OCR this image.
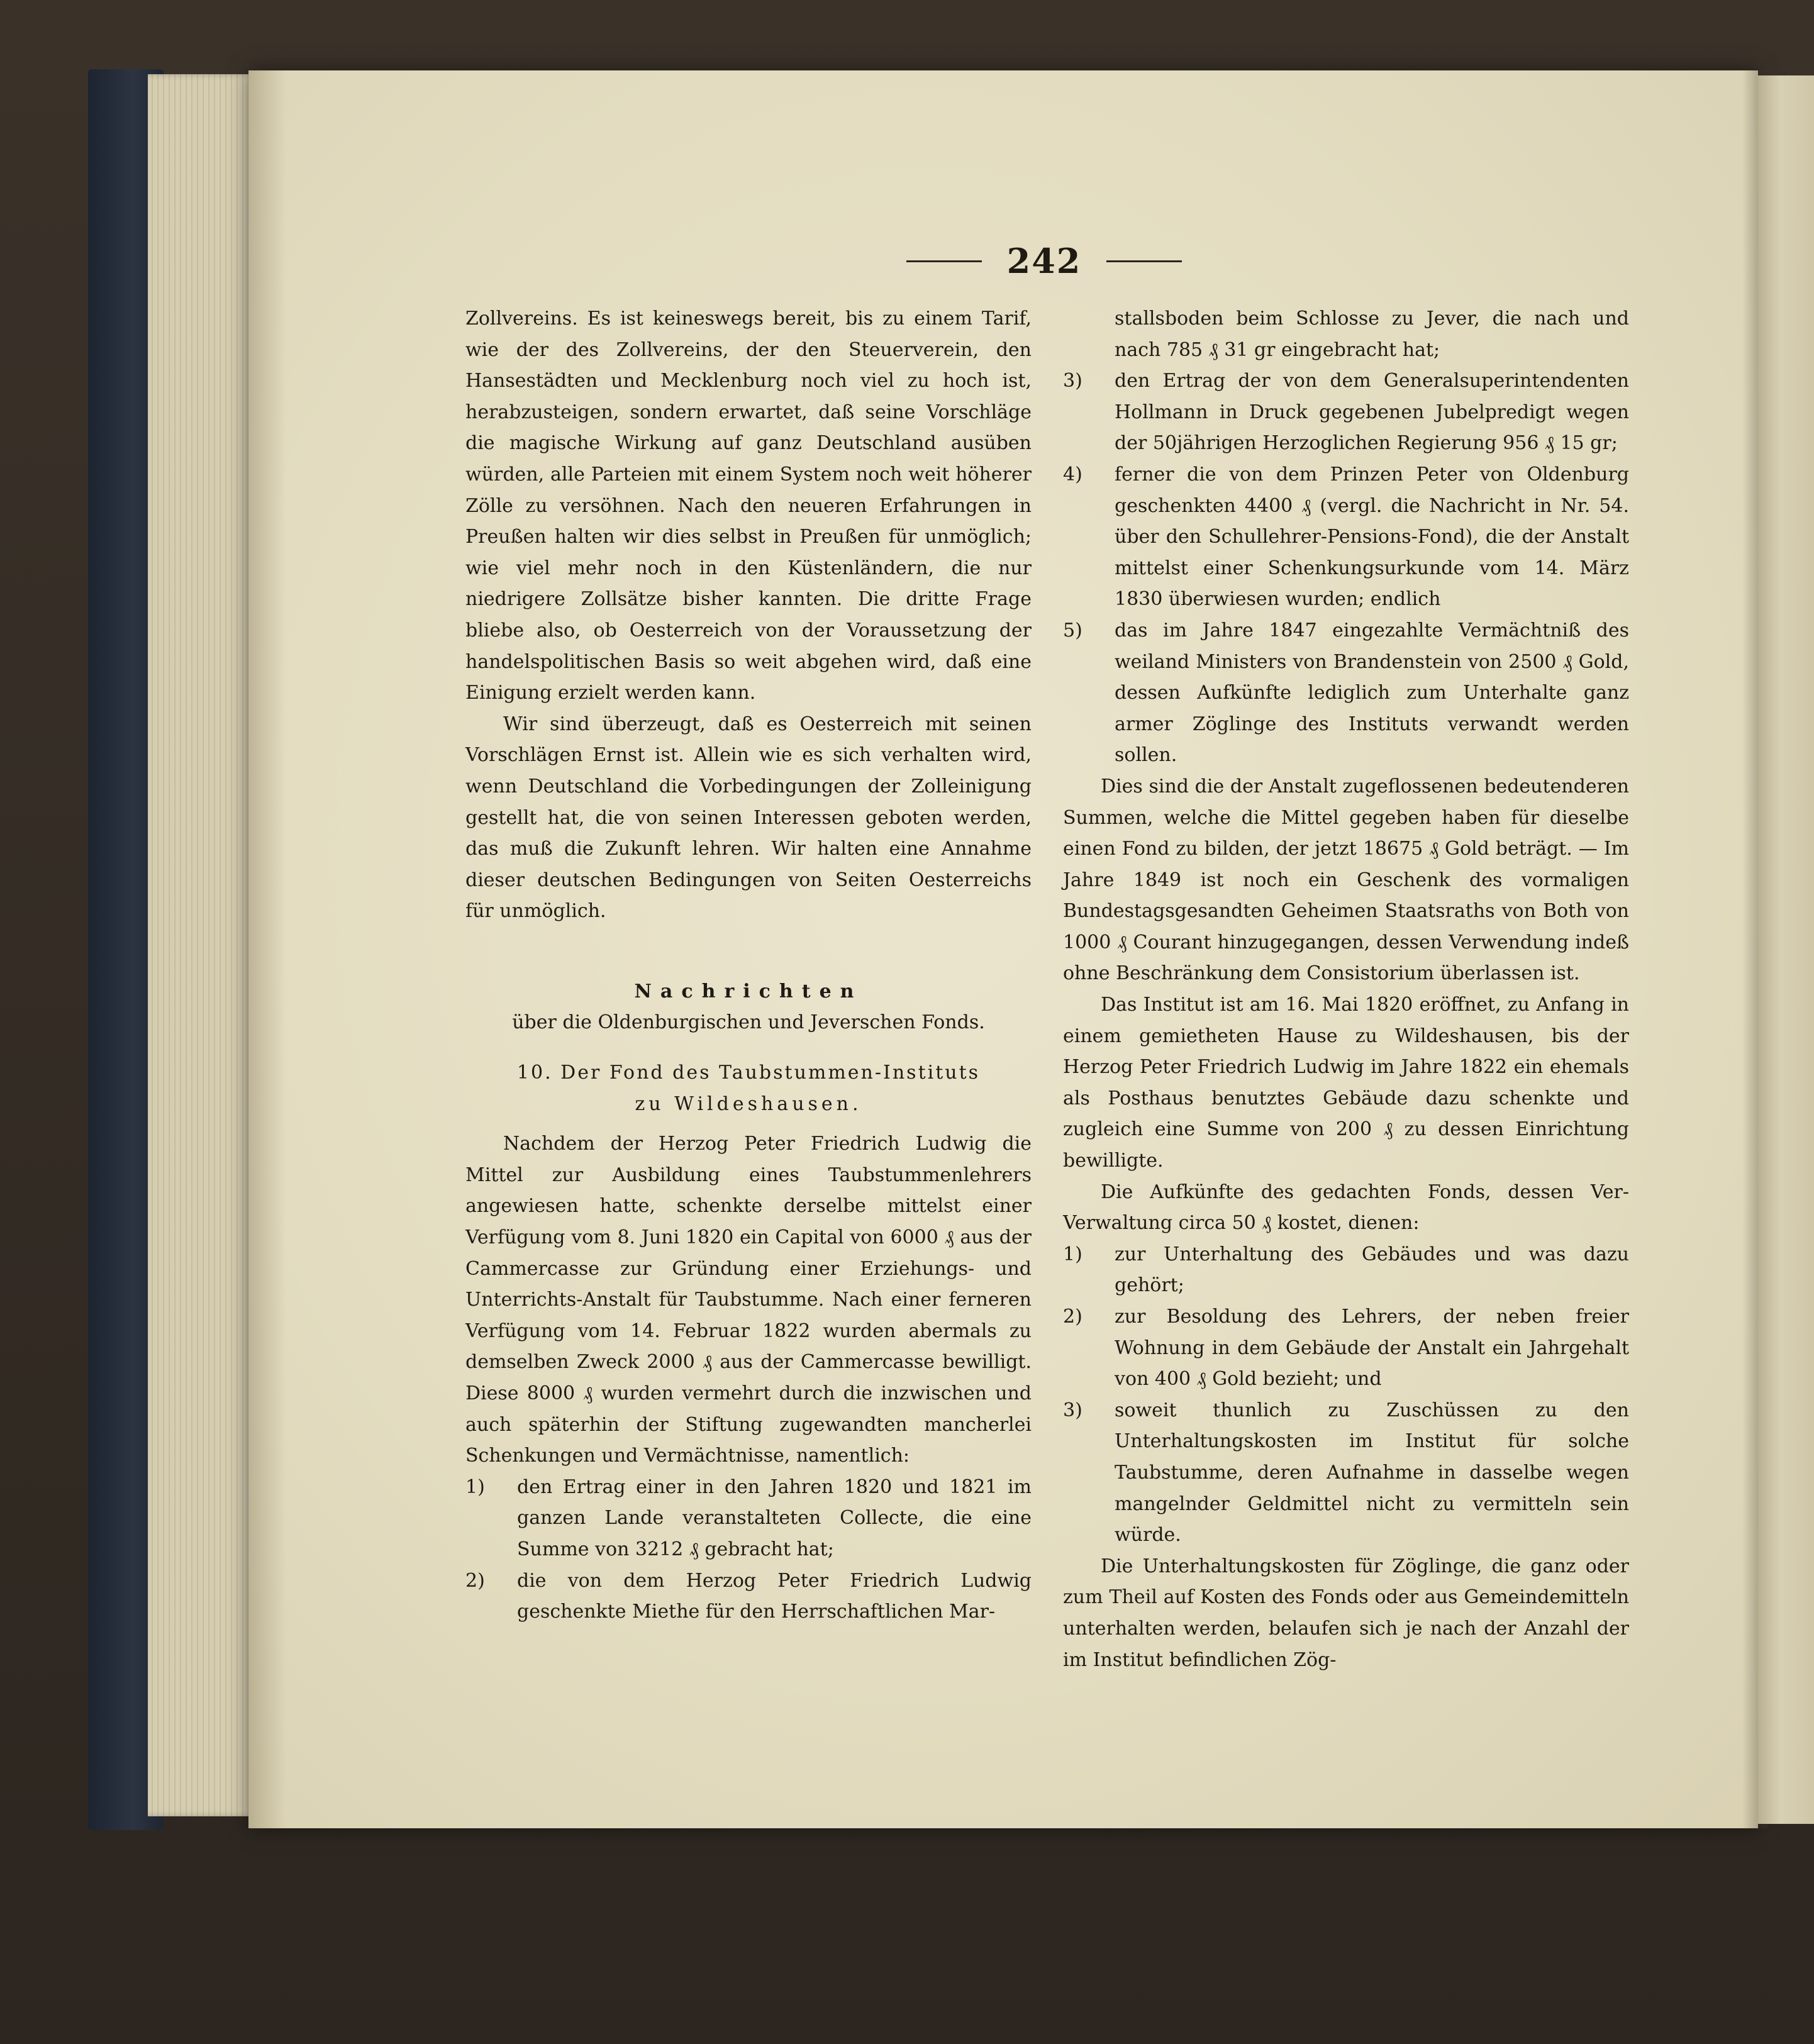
242

Zollvereins. Es ist keineswegs bereit, bis zu einem Tarif, wie der des Zollvereins, der den Steuerverein, den Hansestädten und Mecklenburg noch viel zu hoch ist, herabzusteigen, sondern erwartet, daß seine Vorschläge die magische Wirkung auf ganz Deutschland ausüben würden, alle Parteien mit einem System noch weit höherer Zölle zu versöhnen. Nach den neueren Erfahrungen in Preußen halten wir dies selbst in Preußen für unmöglich; wie viel mehr noch in den Küstenländern, die nur niedrigere Zollsätze bisher kannten. Die dritte Frage bliebe also, ob Oesterreich von der Voraussetzung der handelspolitischen Basis so weit abgehen wird, daß eine Einigung erzielt werden kann.

Wir sind überzeugt, daß es Oesterreich mit seinen Vorschlägen Ernst ist. Allein wie es sich verhalten wird, wenn Deutschland die Vorbedingungen der Zolleinigung gestellt hat, die von seinen Interessen geboten werden, das muß die Zukunft lehren. Wir halten eine Annahme dieser deutschen Bedingungen von Seiten Oesterreichs für unmöglich.

Nachrichten

über die Oldenburgischen und Jeverschen Fonds.

10. Der Fond des Taubstummen-Instituts
zu Wildeshausen.

Nachdem der Herzog Peter Friedrich Ludwig die Mittel zur Ausbildung eines Taubstummenlehrers angewiesen hatte, schenkte derselbe mittelst einer Verfügung vom 8. Juni 1820 ein Capital von 6000 ₰ aus der Cammercasse zur Gründung einer Erziehungs- und Unterrichts-Anstalt für Taubstumme. Nach einer ferneren Verfügung vom 14. Februar 1822 wurden abermals zu demselben Zweck 2000 ₰ aus der Cammercasse bewilligt. Diese 8000 ₰ wurden vermehrt durch die inzwischen und auch späterhin der Stiftung zugewandten mancherlei Schenkungen und Vermächtnisse, namentlich:

1)	den Ertrag einer in den Jahren 1820 und 1821 im ganzen Lande veranstalteten Collecte, die eine Summe von 3212 ₰ gebracht hat;
2)	die von dem Herzog Peter Friedrich Ludwig geschenkte Miethe für den Herrschaftlichen Mar-
stallsboden beim Schlosse zu Jever, die nach und nach 785 ₰ 31 gr eingebracht hat;
3)	den Ertrag der von dem Generalsuperintendenten Hollmann in Druck gegebenen Jubelpredigt wegen der 50jährigen Herzoglichen Regierung 956 ₰ 15 gr;
4)	ferner die von dem Prinzen Peter von Oldenburg geschenkten 4400 ₰ (vergl. die Nachricht in Nr. 54. über den Schullehrer-Pensions-Fond), die der Anstalt mittelst einer Schenkungsurkunde vom 14. März 1830 überwiesen wurden; endlich
5)	das im Jahre 1847 eingezahlte Vermächtniß des weiland Ministers von Brandenstein von 2500 ₰ Gold, dessen Aufkünfte lediglich zum Unterhalte ganz armer Zöglinge des Instituts verwandt werden sollen.

Dies sind die der Anstalt zugeflossenen bedeutenderen Summen, welche die Mittel gegeben haben für dieselbe einen Fond zu bilden, der jetzt 18675 ₰ Gold beträgt. — Im Jahre 1849 ist noch ein Geschenk des vormaligen Bundestagsgesandten Geheimen Staatsraths von Both von 1000 ₰ Courant hinzugegangen, dessen Verwendung indeß ohne Beschränkung dem Consistorium überlassen ist.

Das Institut ist am 16. Mai 1820 eröffnet, zu Anfang in einem gemietheten Hause zu Wildeshausen, bis der Herzog Peter Friedrich Ludwig im Jahre 1822 ein ehemals als Posthaus benutztes Gebäude dazu schenkte und zugleich eine Summe von 200 ₰ zu dessen Einrichtung bewilligte.

Die Aufkünfte des gedachten Fonds, dessen Ver-Verwaltung circa 50 ₰ kostet, dienen:

1)	zur Unterhaltung des Gebäudes und was dazu gehört;
2)	zur Besoldung des Lehrers, der neben freier Wohnung in dem Gebäude der Anstalt ein Jahrgehalt von 400 ₰ Gold bezieht; und
3)	soweit thunlich zu Zuschüssen zu den Unterhaltungskosten im Institut für solche Taubstumme, deren Aufnahme in dasselbe wegen mangelnder Geldmittel nicht zu vermitteln sein würde.

Die Unterhaltungskosten für Zöglinge, die ganz oder zum Theil auf Kosten des Fonds oder aus Gemeindemitteln unterhalten werden, belaufen sich je nach der Anzahl der im Institut befindlichen Zög-
